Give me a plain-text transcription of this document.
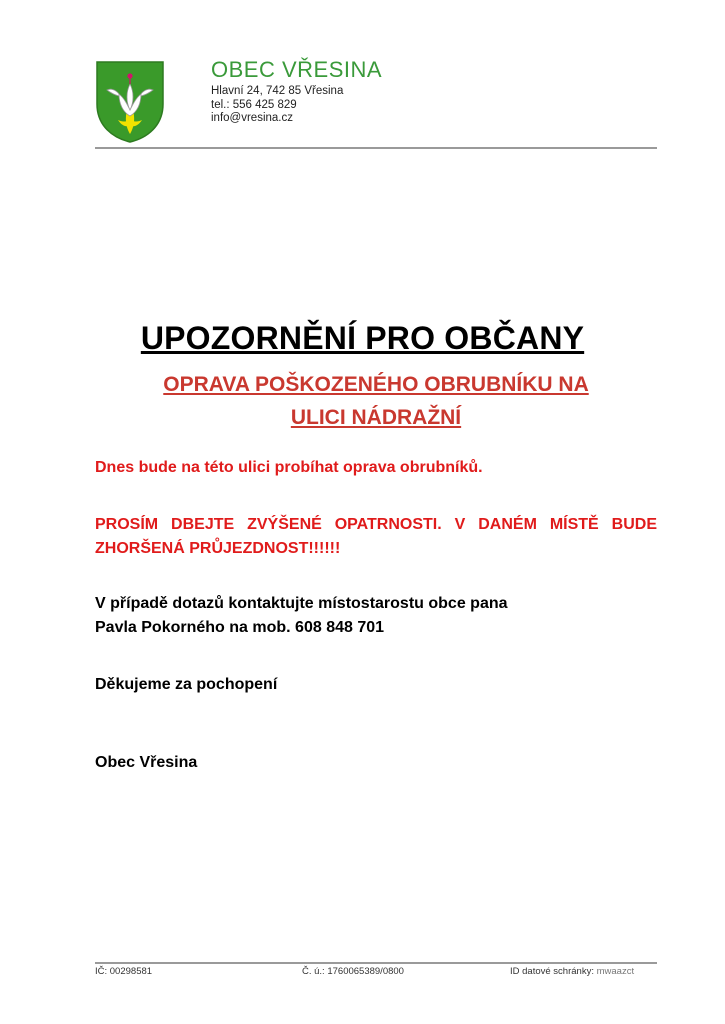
OBEC VŘESINA
Hlavní 24, 742 85 Vřesina
tel.: 556 425 829
info@vresina.cz
UPOZORNĚNÍ PRO OBČANY
OPRAVA POŠKOZENÉHO OBRUBNÍKU NA
ULICI NÁDRAŽNÍ
Dnes bude na této ulici probíhat oprava obrubníků.
PROSÍM DBEJTE ZVÝŠENÉ OPATRNOSTI. V DANÉM MÍSTĚ BUDE ZHORŠENÁ PRŮJEZDNOST!!!!!!
V případě dotazů kontaktujte místostarostu obce pana
Pavla Pokorného na mob. 608 848 701
Děkujeme za pochopení
Obec Vřesina
IČ: 00298581	Č. ú.: 1760065389/0800	ID datové schránky: mwaazct
